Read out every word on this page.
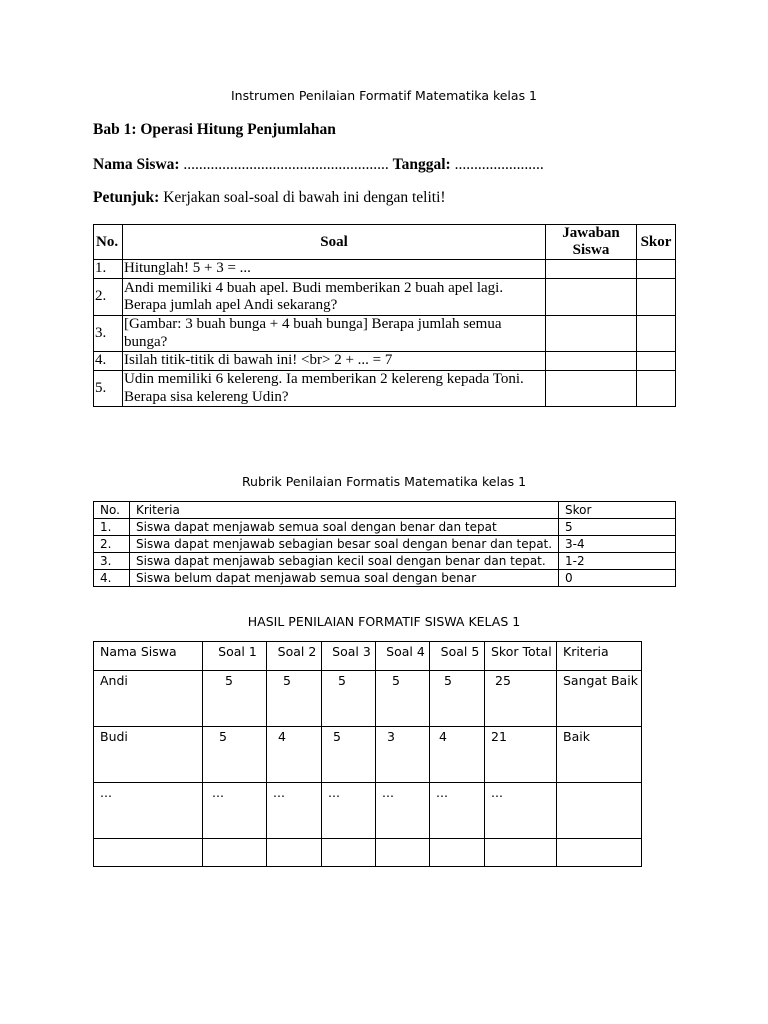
Instrumen Penilaian Formatif Matematika kelas 1
Bab 1: Operasi Hitung Penjumlahan
Nama Siswa: ..................................................... Tanggal: .......................
Petunjuk: Kerjakan soal-soal di bawah ini dengan teliti!
No.	Soal	Jawaban Siswa	Skor
1.	Hitunglah! 5 + 3 = ...		
2.	Andi memiliki 4 buah apel. Budi memberikan 2 buah apel lagi. Berapa jumlah apel Andi sekarang?		
3.	[Gambar: 3 buah bunga + 4 buah bunga] Berapa jumlah semua bunga?		
4.	Isilah titik-titik di bawah ini! <br> 2 + ... = 7		
5.	Udin memiliki 6 kelereng. Ia memberikan 2 kelereng kepada Toni. Berapa sisa kelereng Udin?		
Rubrik Penilaian Formatis Matematika kelas 1
No.	Kriteria	Skor
1.	Siswa dapat menjawab semua soal dengan benar dan tepat	5
2.	Siswa dapat menjawab sebagian besar soal dengan benar dan tepat.	3-4
3.	Siswa dapat menjawab sebagian kecil soal dengan benar dan tepat.	1-2
4.	Siswa belum dapat menjawab semua soal dengan benar	0
HASIL PENILAIAN FORMATIF SISWA KELAS 1
Nama Siswa	Soal 1	Soal 2	Soal 3	Soal 4	Soal 5	Skor Total	Kriteria
Andi	5	5	5	5	5	25	Sangat Baik
Budi	5	4	5	3	4	21	Baik
...	...	...	...	...	...	...	
